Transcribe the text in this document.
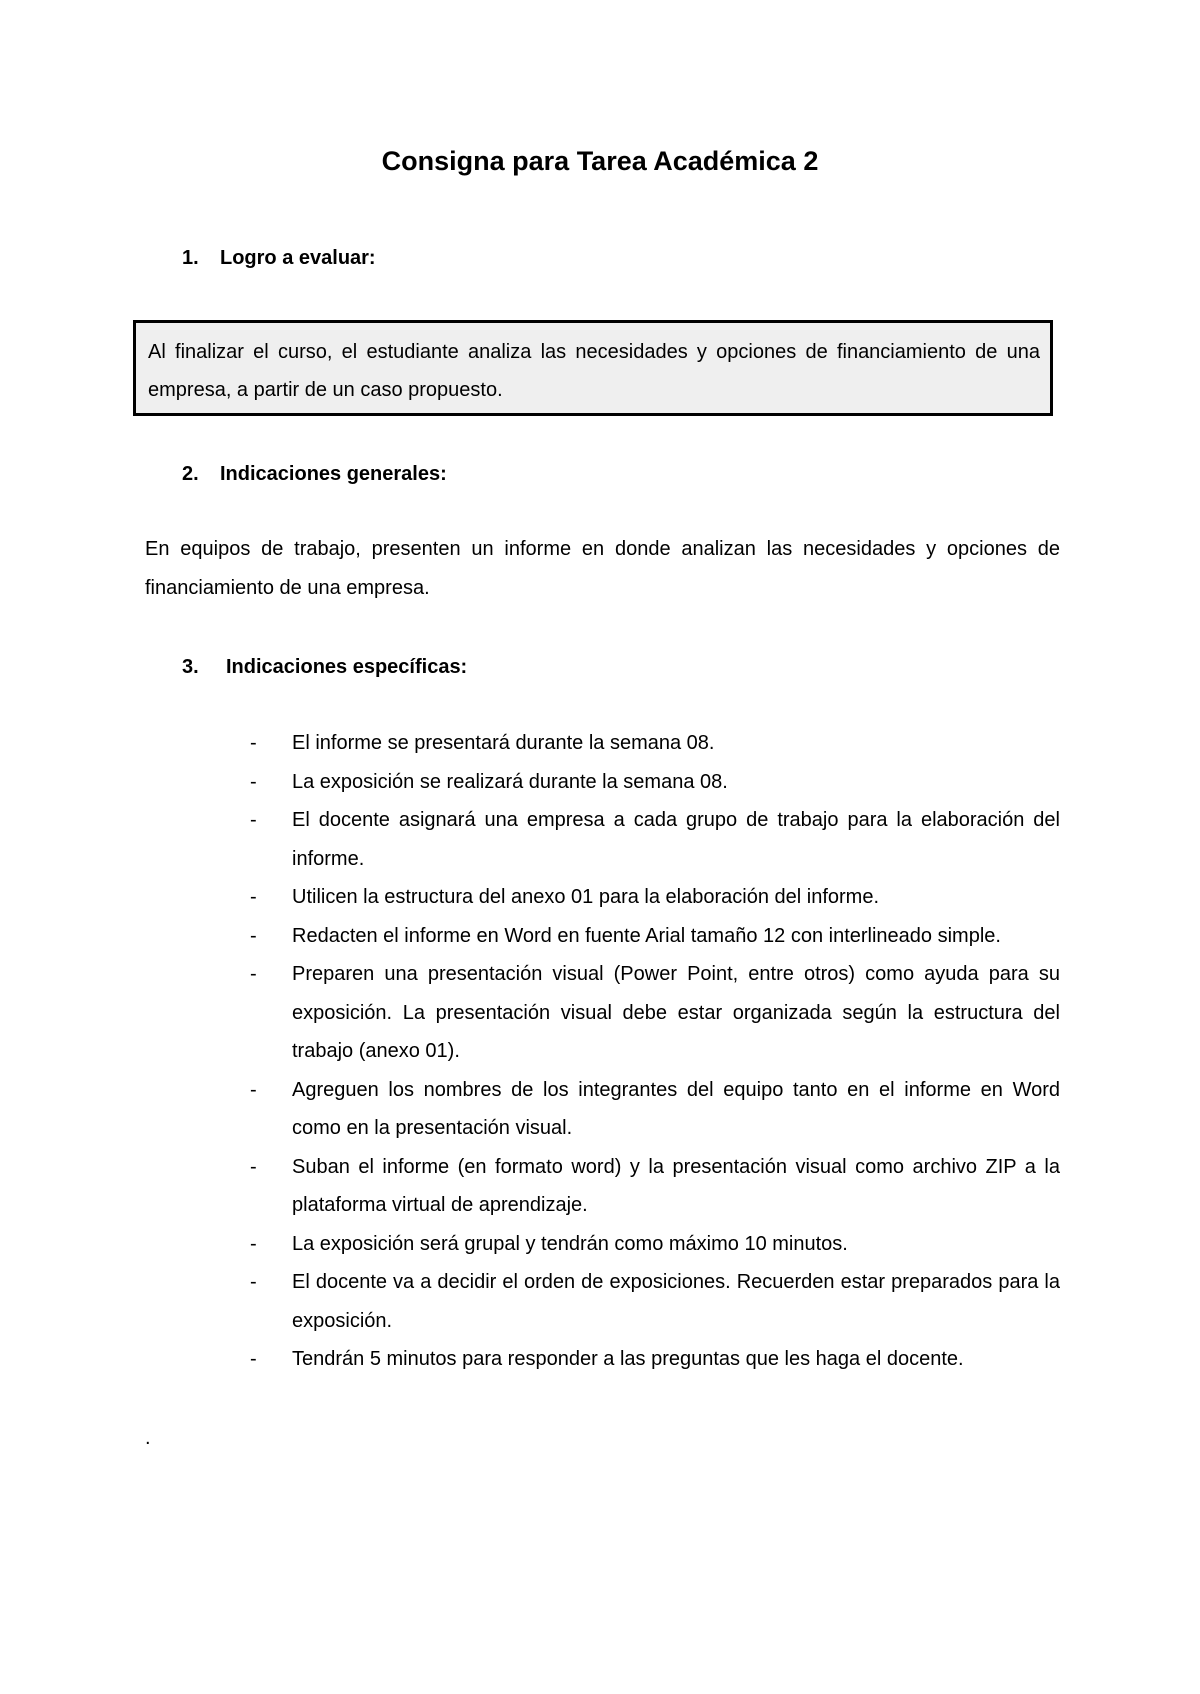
Consigna para Tarea Académica 2
1. Logro a evaluar:
Al finalizar el curso, el estudiante analiza las necesidades y opciones de financiamiento de una empresa, a partir de un caso propuesto.
2. Indicaciones generales:
En equipos de trabajo, presenten un informe en donde analizan las necesidades y opciones de financiamiento de una empresa.
3. Indicaciones específicas:
- El informe se presentará durante la semana 08.
- La exposición se realizará durante la semana 08.
- El docente asignará una empresa a cada grupo de trabajo para la elaboración del informe.
- Utilicen la estructura del anexo 01 para la elaboración del informe.
- Redacten el informe en Word en fuente Arial tamaño 12 con interlineado simple.
- Preparen una presentación visual (Power Point, entre otros) como ayuda para su exposición. La presentación visual debe estar organizada según la estructura del trabajo (anexo 01).
- Agreguen los nombres de los integrantes del equipo tanto en el informe en Word como en la presentación visual.
- Suban el informe (en formato word) y la presentación visual como archivo ZIP a la plataforma virtual de aprendizaje.
- La exposición será grupal y tendrán como máximo 10 minutos.
- El docente va a decidir el orden de exposiciones. Recuerden estar preparados para la exposición.
- Tendrán 5 minutos para responder a las preguntas que les haga el docente.
.
